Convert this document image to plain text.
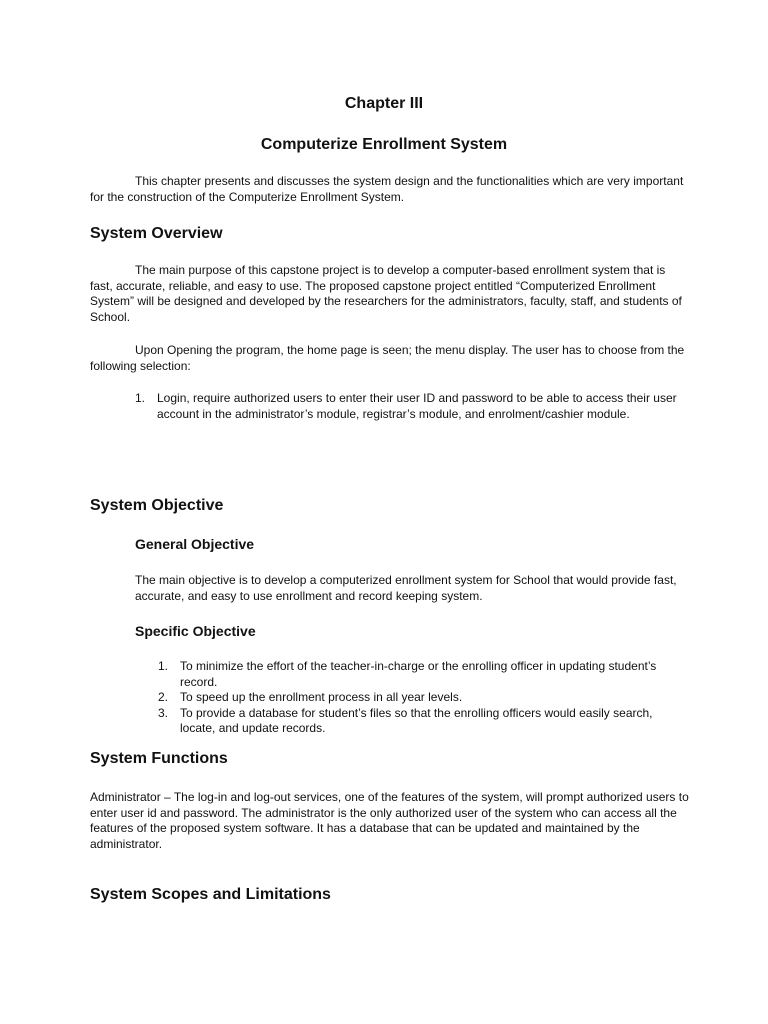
Chapter III
Computerize Enrollment System

This chapter presents and discusses the system design and the functionalities which are very important for the construction of the Computerize Enrollment System.

System Overview

The main purpose of this capstone project is to develop a computer-based enrollment system that is fast, accurate, reliable, and easy to use. The proposed capstone project entitled “Computerized Enrollment System” will be designed and developed by the researchers for the administrators, faculty, staff, and students of School.

Upon Opening the program, the home page is seen; the menu display. The user has to choose from the following selection:

1. Login, require authorized users to enter their user ID and password to be able to access their user account in the administrator’s module, registrar’s module, and enrolment/cashier module.
System Objective
General Objective

The main objective is to develop a computerized enrollment system for School that would provide fast, accurate, and easy to use enrollment and record keeping system.

Specific Objective
1. To minimize the effort of the teacher-in-charge or the enrolling officer in updating student’s record.
2. To speed up the enrollment process in all year levels.
3. To provide a database for student’s files so that the enrolling officers would easily search, locate, and update records.
System Functions

Administrator – The log-in and log-out services, one of the features of the system, will prompt authorized users to enter user id and password. The administrator is the only authorized user of the system who can access all the features of the proposed system software. It has a database that can be updated and maintained by the administrator.

System Scopes and Limitations
